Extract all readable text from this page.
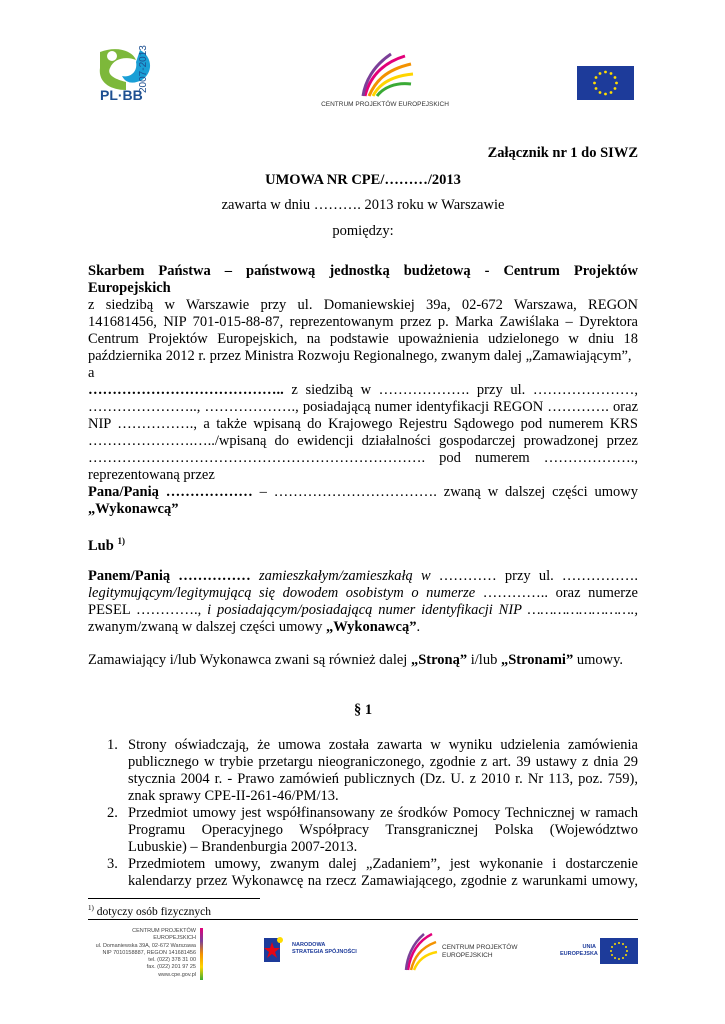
PL·BB
2007-2013
CENTRUM PROJEKTÓW EUROPEJSKICH
Załącznik nr 1 do SIWZ
UMOWA NR CPE/………/2013
zawarta w dniu ………. 2013 roku w Warszawie
pomiędzy:
Skarbem Państwa – państwową jednostką budżetową - Centrum Projektów
Europejskich
z siedzibą w Warszawie przy ul. Domaniewskiej 39a, 02-672 Warszawa, REGON
141681456, NIP 701-015-88-87, reprezentowanym przez p. Marka Zawiślaka – Dyrektora
Centrum Projektów Europejskich, na podstawie upoważnienia udzielonego w dniu 18
października 2012 r. przez Ministra Rozwoju Regionalnego, zwanym dalej „Zamawiającym”,
a
………………………………….. z siedzibą w ………………. przy ul. …………………,
………………….., ………………., posiadającą numer identyfikacji REGON …………. oraz
NIP ……………., a także wpisaną do Krajowego Rejestru Sądowego pod numerem KRS
………………….…../wpisaną do ewidencji działalności gospodarczej prowadzonej przez
……………………………………………………………. pod numerem ……………….,
reprezentowaną przez
Pana/Panią ……………… – ……………………………. zwaną w dalszej części umowy
„Wykonawcą”
Lub $^{1)}$
Panem/Panią …………… zamieszkałym/zamieszkałą w ………… przy ul. …………….
legitymującym/legitymującą się dowodem osobistym o numerze ………….. oraz numerze
PESEL …………., i posiadającym/posiadającą numer identyfikacji NIP …………………….,
zwanym/zwaną w dalszej części umowy „Wykonawcą”.
Zamawiający i/lub Wykonawca zwani są również dalej „Stroną” i/lub „Stronami” umowy.
§ 1
1. Strony oświadczają, że umowa została zawarta w wyniku udzielenia zamówienia
publicznego w trybie przetargu nieograniczonego, zgodnie z art. 39 ustawy z dnia 29
stycznia 2004 r. - Prawo zamówień publicznych (Dz. U. z 2010 r. Nr 113, poz. 759),
znak sprawy CPE-II-261-46/PM/13.
2. Przedmiot umowy jest współfinansowany ze środków Pomocy Technicznej w ramach
Programu Operacyjnego Współpracy Transgranicznej Polska (Województwo
Lubuskie) – Brandenburgia 2007-2013.
3. Przedmiotem umowy, zwanym dalej „Zadaniem”, jest wykonanie i dostarczenie
kalendarzy przez Wykonawcę na rzecz Zamawiającego, zgodnie z warunkami umowy,
$^{1)}$ dotyczy osób fizycznych
CENTRUM PROJEKTÓW EUROPEJSKICH
ul. Domaniewska 39A, 02-672 Warszawa
NIP 7010158887, REGON 141681456
tel. (022) 378 31 00
fax. (022) 201 97 25
www.cpe.gov.pl
NARODOWA
STRATEGIA SPÓJNOŚCI
CENTRUM PROJEKTÓW
EUROPEJSKICH
UNIA
EUROPEJSKA
